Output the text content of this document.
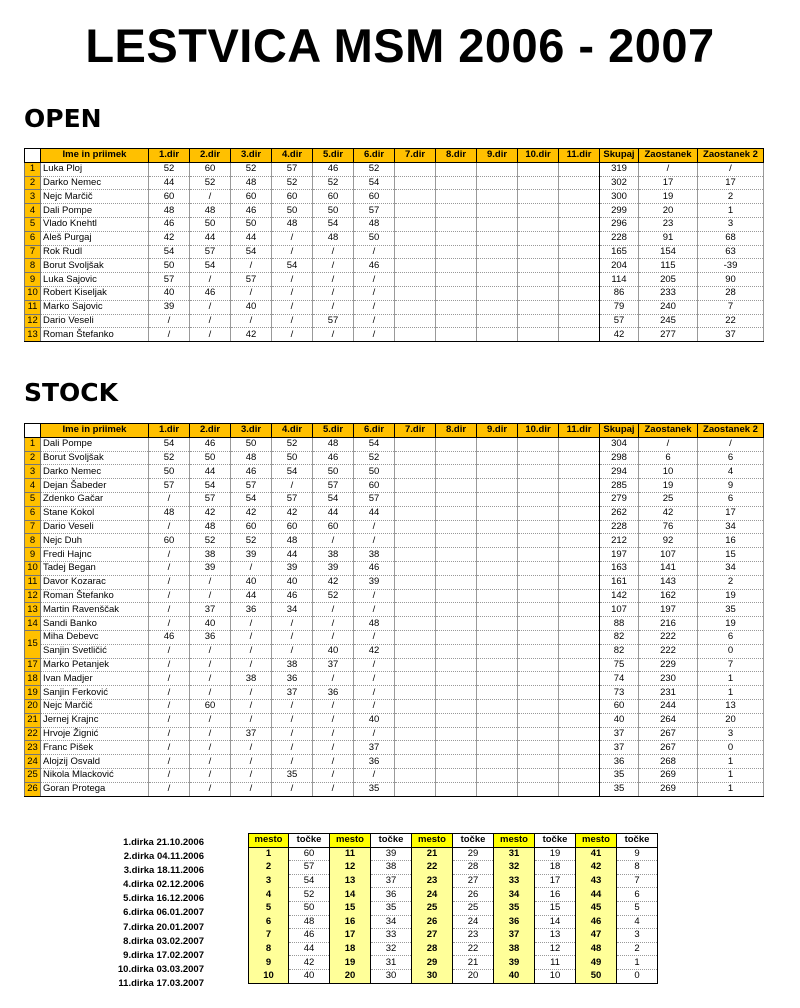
LESTVICA MSM 2006 - 2007
OPEN
	Ime in priimek	1.dir	2.dir	3.dir	4.dir	5.dir	6.dir	7.dir	8.dir	9.dir	10.dir	11.dir	Skupaj	Zaostanek	Zaostanek 2
1	Luka Ploj	52	60	52	57	46	52						319	/	/
2	Darko Nemec	44	52	48	52	52	54						302	17	17
3	Nejc Marčič	60	/	60	60	60	60						300	19	2
4	Dali Pompe	48	48	46	50	50	57						299	20	1
5	Vlado Knehtl	46	50	50	48	54	48						296	23	3
6	Aleš Purgaj	42	44	44	/	48	50						228	91	68
7	Rok Rudl	54	57	54	/	/	/						165	154	63
8	Borut Svoljšak	50	54	/	54	/	46						204	115	-39
9	Luka Sajovic	57	/	57	/	/	/						114	205	90
10	Robert Kiseljak	40	46	/	/	/	/						86	233	28
11	Marko Sajovic	39	/	40	/	/	/						79	240	7
12	Dario Veseli	/	/	/	/	57	/						57	245	22
13	Roman Štefanko	/	/	42	/	/	/						42	277	37
STOCK
	Ime in priimek	1.dir	2.dir	3.dir	4.dir	5.dir	6.dir	7.dir	8.dir	9.dir	10.dir	11.dir	Skupaj	Zaostanek	Zaostanek 2
1	Dali Pompe	54	46	50	52	48	54						304	/	/
2	Borut Svoljšak	52	50	48	50	46	52						298	6	6
3	Darko Nemec	50	44	46	54	50	50						294	10	4
4	Dejan Šabeder	57	54	57	/	57	60						285	19	9
5	Zdenko Gačar	/	57	54	57	54	57						279	25	6
6	Stane Kokol	48	42	42	42	44	44						262	42	17
7	Dario Veseli	/	48	60	60	60	/						228	76	34
8	Nejc Duh	60	52	52	48	/	/						212	92	16
9	Fredi Hajnc	/	38	39	44	38	38						197	107	15
10	Tadej Began	/	39	/	39	39	46						163	141	34
11	Davor Kozarac	/	/	40	40	42	39						161	143	2
12	Roman Štefanko	/	/	44	46	52	/						142	162	19
13	Martin Ravenščak	/	37	36	34	/	/						107	197	35
14	Sandi Banko	/	40	/	/	/	48						88	216	19
15	Miha Debevc	46	36	/	/	/	/						82	222	6
	Sanjin Svetličić	/	/	/	/	40	42						82	222	0
17	Marko Petanjek	/	/	/	38	37	/						75	229	7
18	Ivan Madjer	/	/	38	36	/	/						74	230	1
19	Sanjin Ferković	/	/	/	37	36	/						73	231	1
20	Nejc Marčič	/	60	/	/	/	/						60	244	13
21	Jernej Krajnc	/	/	/	/	/	40						40	264	20
22	Hrvoje Žignić	/	/	37	/	/	/						37	267	3
23	Franc Pišek	/	/	/	/	/	37						37	267	0
24	Alojzij Osvald	/	/	/	/	/	36						36	268	1
25	Nikola Mlacković	/	/	/	35	/	/						35	269	1
26	Goran Protega	/	/	/	/	/	35						35	269	1
1.dirka 21.10.2006
2.dirka 04.11.2006
3.dirka 18.11.2006
4.dirka 02.12.2006
5.dirka 16.12.2006
6.dirka 06.01.2007
7.dirka 20.01.2007
8.dirka 03.02.2007
9.dirka 17.02.2007
10.dirka 03.03.2007
11.dirka 17.03.2007
mesto	točke	mesto	točke	mesto	točke	mesto	točke	mesto	točke
1	60	11	39	21	29	31	19	41	9
2	57	12	38	22	28	32	18	42	8
3	54	13	37	23	27	33	17	43	7
4	52	14	36	24	26	34	16	44	6
5	50	15	35	25	25	35	15	45	5
6	48	16	34	26	24	36	14	46	4
7	46	17	33	27	23	37	13	47	3
8	44	18	32	28	22	38	12	48	2
9	42	19	31	29	21	39	11	49	1
10	40	20	30	30	20	40	10	50	0
